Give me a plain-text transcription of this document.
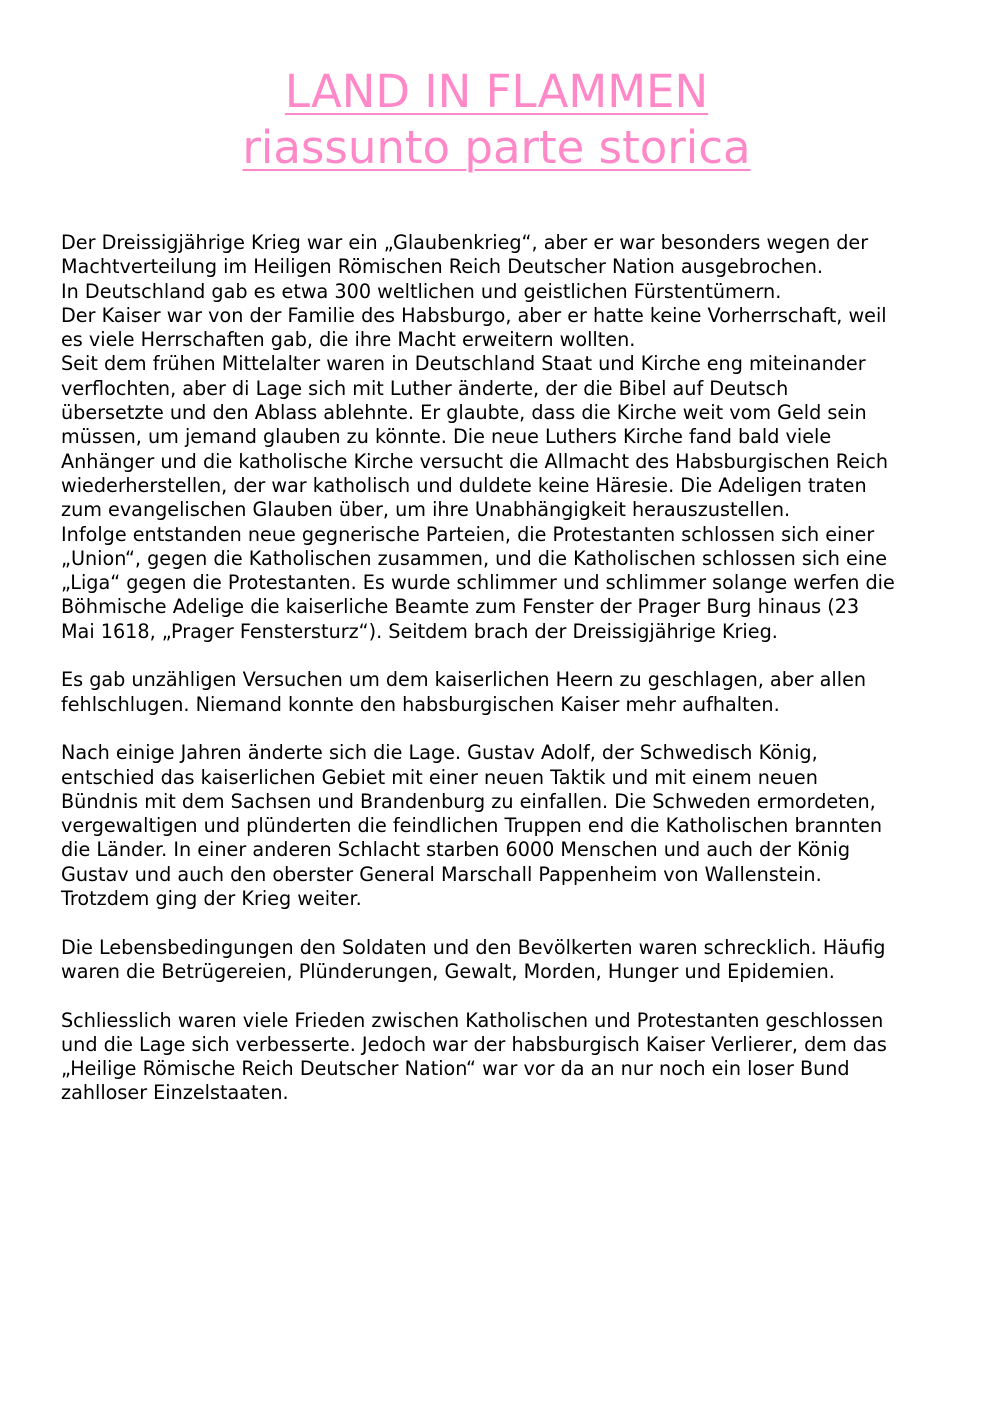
LAND IN FLAMMEN
riassunto parte storica

Der Dreissigjährige Krieg war ein „Glaubenkrieg“, aber er war besonders wegen der
Machtverteilung im Heiligen Römischen Reich Deutscher Nation ausgebrochen.
In Deutschland gab es etwa 300 weltlichen und geistlichen Fürstentümern.
Der Kaiser war von der Familie des Habsburgo, aber er hatte keine Vorherrschaft, weil
es viele Herrschaften gab, die ihre Macht erweitern wollten.
Seit dem frühen Mittelalter waren in Deutschland Staat und Kirche eng miteinander
verflochten, aber di Lage sich mit Luther änderte, der die Bibel auf Deutsch
übersetzte und den Ablass ablehnte. Er glaubte, dass die Kirche weit vom Geld sein
müssen, um jemand glauben zu könnte. Die neue Luthers Kirche fand bald viele
Anhänger und die katholische Kirche versucht die Allmacht des Habsburgischen Reich
wiederherstellen, der war katholisch und duldete keine Häresie. Die Adeligen traten
zum evangelischen Glauben über, um ihre Unabhängigkeit herauszustellen.
Infolge entstanden neue gegnerische Parteien, die Protestanten schlossen sich einer
„Union“, gegen die Katholischen zusammen, und die Katholischen schlossen sich eine
„Liga“ gegen die Protestanten. Es wurde schlimmer und schlimmer solange werfen die
Böhmische Adelige die kaiserliche Beamte zum Fenster der Prager Burg hinaus (23
Mai 1618, „Prager Fenstersturz“). Seitdem brach der Dreissigjährige Krieg.

Es gab unzähligen Versuchen um dem kaiserlichen Heern zu geschlagen, aber allen
fehlschlugen. Niemand konnte den habsburgischen Kaiser mehr aufhalten.

Nach einige Jahren änderte sich die Lage. Gustav Adolf, der Schwedisch König,
entschied das kaiserlichen Gebiet mit einer neuen Taktik und mit einem neuen
Bündnis mit dem Sachsen und Brandenburg zu einfallen. Die Schweden ermordeten,
vergewaltigen und plünderten die feindlichen Truppen end die Katholischen brannten
die Länder. In einer anderen Schlacht starben 6000 Menschen und auch der König
Gustav und auch den oberster General Marschall Pappenheim von Wallenstein.
Trotzdem ging der Krieg weiter.

Die Lebensbedingungen den Soldaten und den Bevölkerten waren schrecklich. Häufig
waren die Betrügereien, Plünderungen, Gewalt, Morden, Hunger und Epidemien.

Schliesslich waren viele Frieden zwischen Katholischen und Protestanten geschlossen
und die Lage sich verbesserte. Jedoch war der habsburgisch Kaiser Verlierer, dem das
„Heilige Römische Reich Deutscher Nation“ war vor da an nur noch ein loser Bund
zahlloser Einzelstaaten.
